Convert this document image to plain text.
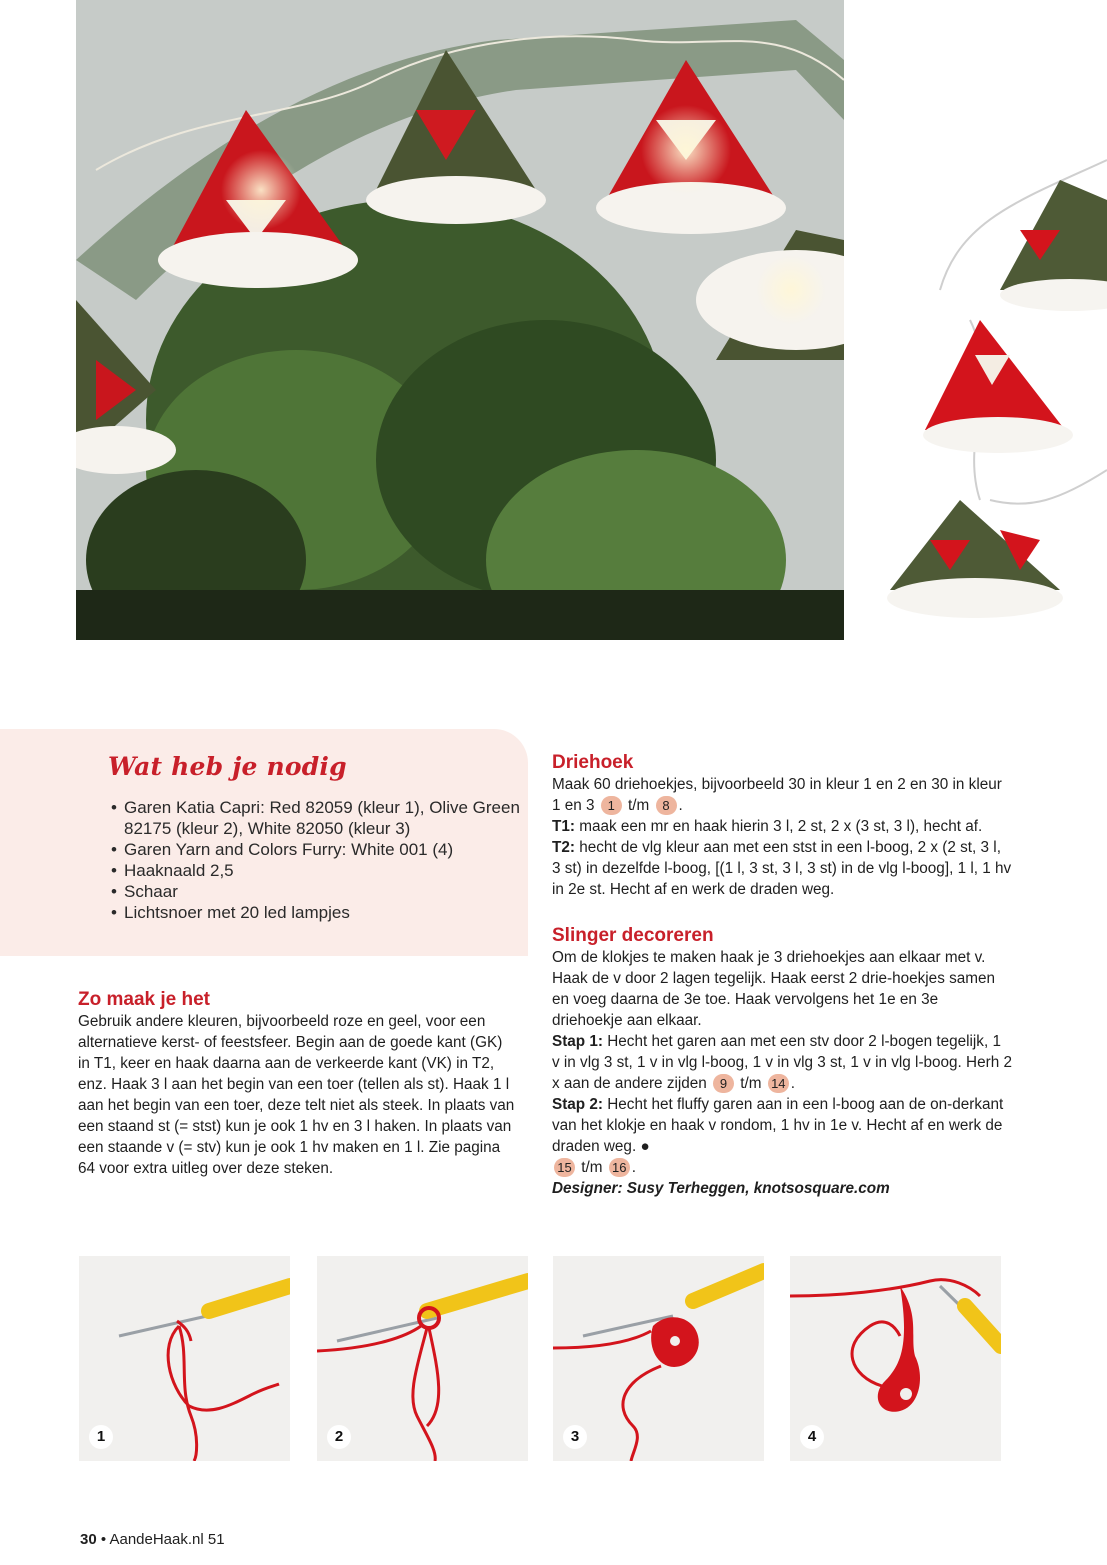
Wat heb je nodig
• Garen Katia Capri: Red 82059 (kleur 1), Olive Green 82175 (kleur 2), White 82050 (kleur 3)
• Garen Yarn and Colors Furry: White 001 (4)
• Haaknaald 2,5
• Schaar
• Lichtsnoer met 20 led lampjes
Zo maak je het

Gebruik andere kleuren, bijvoorbeeld roze en geel, voor een alternatieve kerst- of feestsfeer. Begin aan de goede kant (GK) in T1, keer en haak daarna aan de verkeerde kant (VK) in T2, enz. Haak 3 l aan het begin van een toer (tellen als st). Haak 1 l aan het begin van een toer, deze telt niet als steek. In plaats van een staand st (= stst) kun je ook 1 hv en 3 l haken. In plaats van een staande v (= stv) kun je ook 1 hv maken en 1 l. Zie pagina 64 voor extra uitleg over deze steken.

Driehoek

Maak 60 driehoekjes, bijvoorbeeld 30 in kleur 1 en 2 en 30 in kleur 1 en 3 1 t/m 8 .

T1: maak een mr en haak hierin 3 l, 2 st, 2 x (3 st, 3 l), hecht af.

T2: hecht de vlg kleur aan met een stst in een l-boog, 2 x (2 st, 3 l, 3 st) in dezelfde l-boog, [(1 l, 3 st, 3 l, 3 st) in de vlg l-boog], 1 l, 1 hv in 2e st. Hecht af en werk de draden weg.

Slinger decoreren

Om de klokjes te maken haak je 3 driehoekjes aan elkaar met v. Haak de v door 2 lagen tegelijk. Haak eerst 2 drie-hoekjes samen en voeg daarna de 3e toe. Haak vervolgens het 1e en 3e driehoekje aan elkaar.

Stap 1: Hecht het garen aan met een stv door 2 l-bogen tegelijk, 1 v in vlg 3 st, 1 v in vlg l-boog, 1 v in vlg 3 st, 1 v in vlg l-boog. Herh 2 x aan de andere zijden 9 t/m 14 .

Stap 2: Hecht het fluffy garen aan in een l-boog aan de on-derkant van het klokje en haak v rondom, 1 hv in 1e v. Hecht af en werk de draden weg. ●
15 t/m 16 .

Designer: Susy Terheggen, knotsosquare.com

1	2	3	4
30 • AandeHaak.nl 51
